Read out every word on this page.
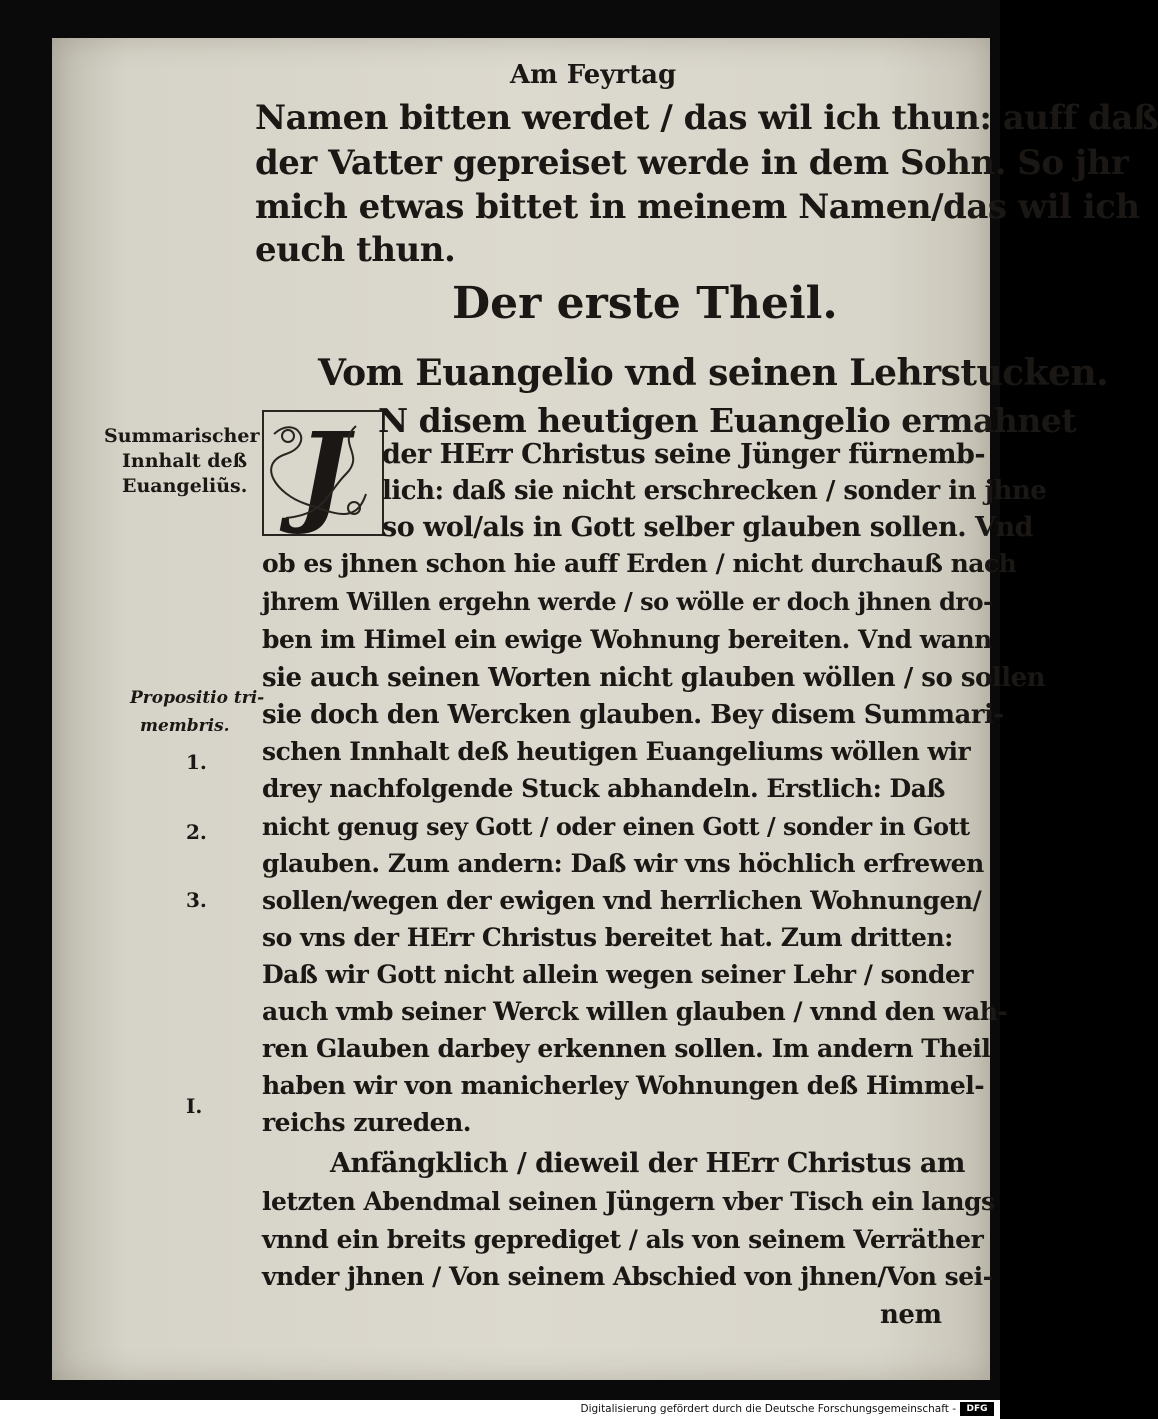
Am Feyrtag
Namen bitten werdet / das wil ich thun: auff daß
der Vatter gepreiset werde in dem Sohn. So jhr
mich etwas bittet in meinem Namen/das wil ich
euch thun.
Der erste Theil.
Vom Euangelio vnd seinen Lehrstucken.
J
Summarischer
Innhalt deß
Euangeliũs.
Propositio tri-
membris.
1.
2.
3.
I.
N disem heutigen Euangelio ermahnet
der HErr Christus seine Jünger fürnemb-
lich: daß sie nicht erschrecken / sonder in jhne
so wol/als in Gott selber glauben sollen. Vnd
ob es jhnen schon hie auff Erden / nicht durchauß nach
jhrem Willen ergehn werde / so wölle er doch jhnen dro-
ben im Himel ein ewige Wohnung bereiten. Vnd wann
sie auch seinen Worten nicht glauben wöllen / so sollen
sie doch den Wercken glauben. Bey disem Summari-
schen Innhalt deß heutigen Euangeliums wöllen wir
drey nachfolgende Stuck abhandeln. Erstlich: Daß
nicht genug sey Gott / oder einen Gott / sonder in Gott
glauben. Zum andern: Daß wir vns höchlich erfrewen
sollen/wegen der ewigen vnd herrlichen Wohnungen/
so vns der HErr Christus bereitet hat. Zum dritten:
Daß wir Gott nicht allein wegen seiner Lehr / sonder
auch vmb seiner Werck willen glauben / vnnd den wah-
ren Glauben darbey erkennen sollen. Im andern Theil
haben wir von manicherley Wohnungen deß Himmel-
reichs zureden.
Anfängklich / dieweil der HErr Christus am
letzten Abendmal seinen Jüngern vber Tisch ein langs
vnnd ein breits geprediget / als von seinem Verräther
vnder jhnen / Von seinem Abschied von jhnen/Von sei-
nem
Digitalisierung gefördert durch die Deutsche Forschungsgemeinschaft -	DFG
